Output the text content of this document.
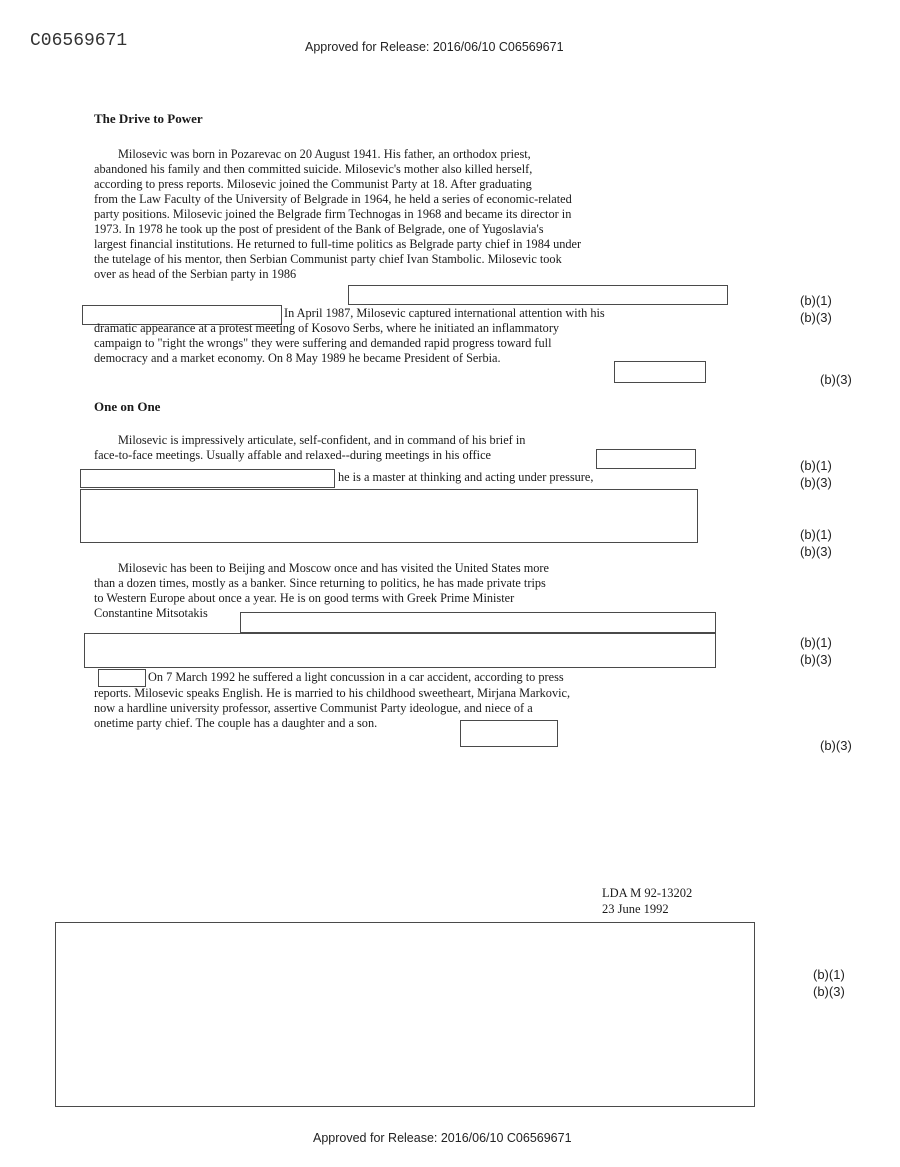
C06569671	Approved for Release: 2016/06/10 C06569671
The Drive to Power
Milosevic was born in Pozarevac on 20 August 1941. His father, an orthodox priest,
abandoned his family and then committed suicide. Milosevic's mother also killed herself,
according to press reports. Milosevic joined the Communist Party at 18. After graduating
from the Law Faculty of the University of Belgrade in 1964, he held a series of economic-related
party positions. Milosevic joined the Belgrade firm Technogas in 1968 and became its director in
1973. In 1978 he took up the post of president of the Bank of Belgrade, one of Yugoslavia's
largest financial institutions. He returned to full-time politics as Belgrade party chief in 1984 under
the tutelage of his mentor, then Serbian Communist party chief Ivan Stambolic. Milosevic took
over as head of the Serbian party in 1986
In April 1987, Milosevic captured international attention with his
dramatic appearance at a protest meeting of Kosovo Serbs, where he initiated an inflammatory
campaign to "right the wrongs" they were suffering and demanded rapid progress toward full
democracy and a market economy. On 8 May 1989 he became President of Serbia.
(b)(1)
(b)(3)
(b)(3)
One on One
Milosevic is impressively articulate, self-confident, and in command of his brief in
face-to-face meetings. Usually affable and relaxed--during meetings in his office
he is a master at thinking and acting under pressure,
(b)(1)
(b)(3)
(b)(1)
(b)(3)
Milosevic has been to Beijing and Moscow once and has visited the United States more
than a dozen times, mostly as a banker. Since returning to politics, he has made private trips
to Western Europe about once a year. He is on good terms with Greek Prime Minister
Constantine Mitsotakis
On 7 March 1992 he suffered a light concussion in a car accident, according to press
reports. Milosevic speaks English. He is married to his childhood sweetheart, Mirjana Markovic,
now a hardline university professor, assertive Communist Party ideologue, and niece of a
onetime party chief. The couple has a daughter and a son.
(b)(1)
(b)(3)
(b)(3)
LDA M 92-13202
23 June 1992
(b)(1)
(b)(3)
Approved for Release: 2016/06/10 C06569671
